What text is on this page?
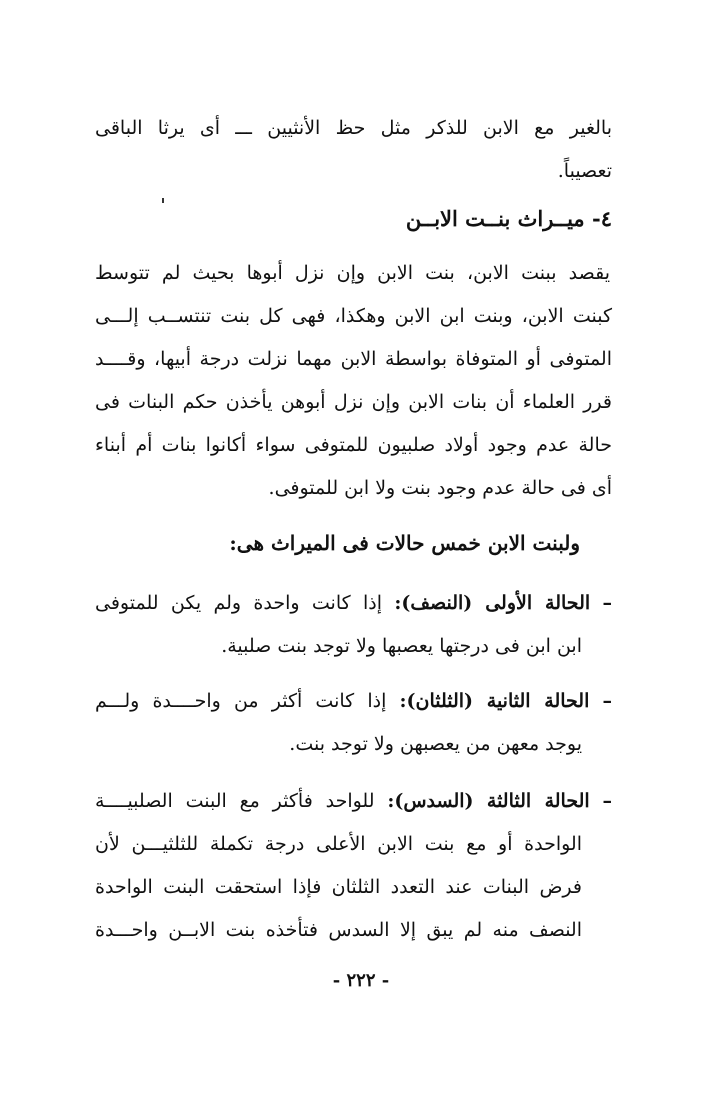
بالغير مع الابن للذكر مثل حظ الأنثيين ـــ أى يرثا الباقى
تعصيباً.
٤- ميــراث بنــت الابــن
يقصد ببنت الابن، بنت الابن وإن نزل أبوها بحيث لم تتوسط
كبنت الابن، وبنت ابن الابن وهكذا، فهى كل بنت تنتســب إلـــى
المتوفى أو المتوفاة بواسطة الابن مهما نزلت درجة أبيها، وقــــد
قرر العلماء أن بنات الابن وإن نزل أبوهن يأخذن حكم البنات فى
حالة عدم وجود أولاد صلبيون للمتوفى سواء أكانوا بنات أم أبناء
أى فى حالة عدم وجود بنت ولا ابن للمتوفى.
ولبنت الابن خمس حالات فى الميراث هى:
– الحالة الأولى (النصف): إذا كانت واحدة ولم يكن للمتوفى
ابن ابن فى درجتها يعصبها ولا توجد بنت صلبية.
– الحالة الثانية (الثلثان): إذا كانت أكثر من واحــــدة ولـــم
يوجد معهن من يعصبهن ولا توجد بنت.
– الحالة الثالثة (السدس): للواحد فأكثر مع البنت الصلبيــــة
الواحدة أو مع بنت الابن الأعلى درجة تكملة للثلثيـــن لأن
فرض البنات عند التعدد الثلثان فإذا استحقت البنت الواحدة
النصف منه لم يبق إلا السدس فتأخذه بنت الابــن واحـــدة
- ٢٢٢ -
